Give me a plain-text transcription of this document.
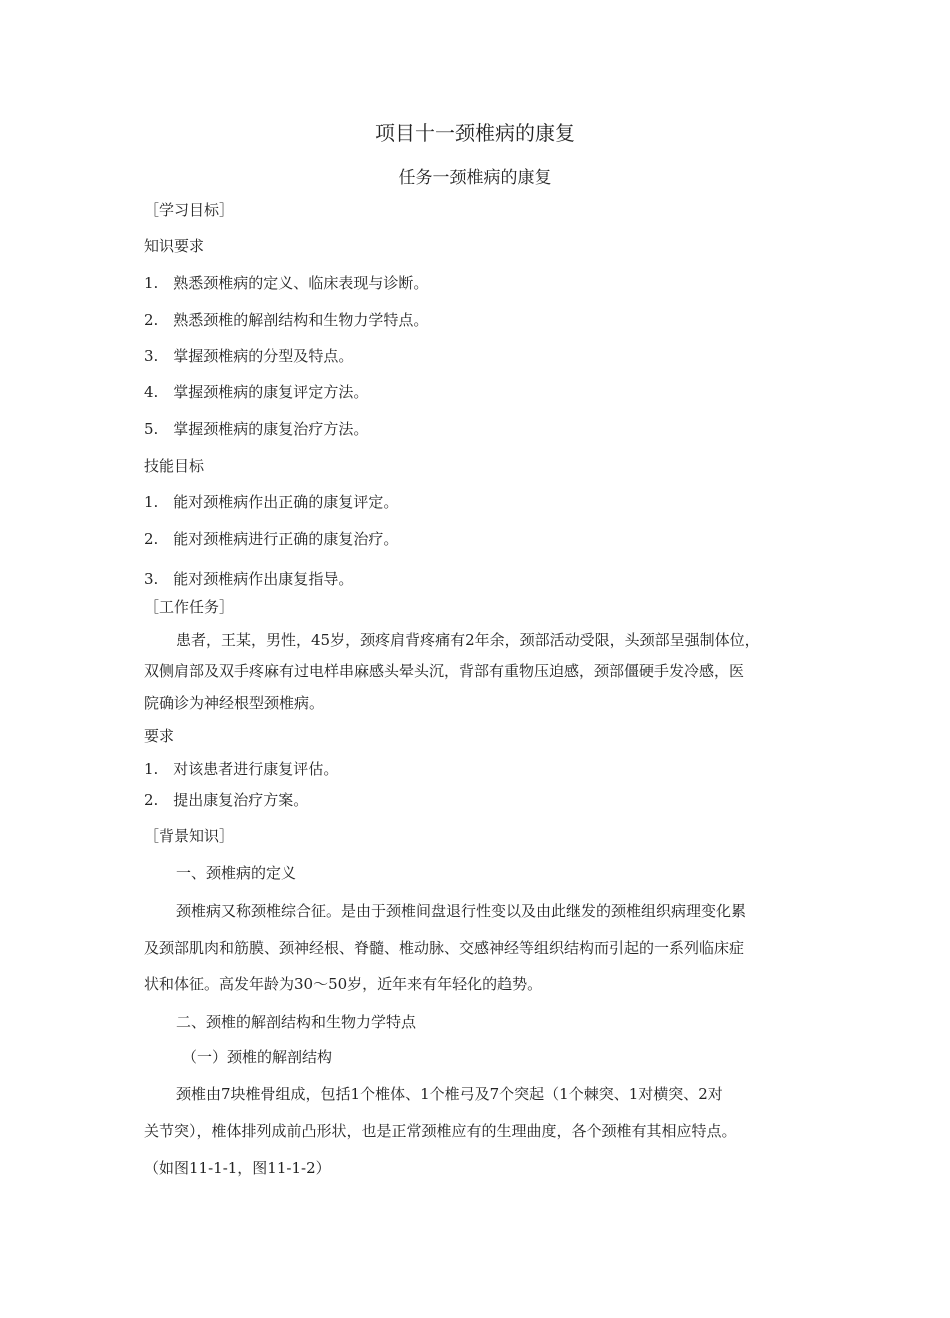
项目十一颈椎病的康复
任务一颈椎病的康复
［学习目标］
知识要求
1.　熟悉颈椎病的定义、临床表现与诊断。
2.　熟悉颈椎的解剖结构和生物力学特点。
3.　掌握颈椎病的分型及特点。
4.　掌握颈椎病的康复评定方法。
5.　掌握颈椎病的康复治疗方法。
技能目标
1.　能对颈椎病作出正确的康复评定。
2.　能对颈椎病进行正确的康复治疗。
3.　能对颈椎病作出康复指导。
［工作任务］
患者，王某，男性，45岁，颈疼肩背疼痛有2年余，颈部活动受限，头颈部呈强制体位，
双侧肩部及双手疼麻有过电样串麻感头晕头沉，背部有重物压迫感，颈部僵硬手发冷感，医
院确诊为神经根型颈椎病。
要求
1.　对该患者进行康复评估。
2.　提出康复治疗方案。
［背景知识］
一、颈椎病的定义
颈椎病又称颈椎综合征。是由于颈椎间盘退行性变以及由此继发的颈椎组织病理变化累
及颈部肌肉和筋膜、颈神经根、脊髓、椎动脉、交感神经等组织结构而引起的一系列临床症
状和体征。高发年龄为30～50岁，近年来有年轻化的趋势。
二、颈椎的解剖结构和生物力学特点
（一）颈椎的解剖结构
颈椎由7块椎骨组成，包括1个椎体、1个椎弓及7个突起（1个棘突、1对横突、2对
关节突），椎体排列成前凸形状，也是正常颈椎应有的生理曲度，各个颈椎有其相应特点。
（如图11-1-1，图11-1-2）
